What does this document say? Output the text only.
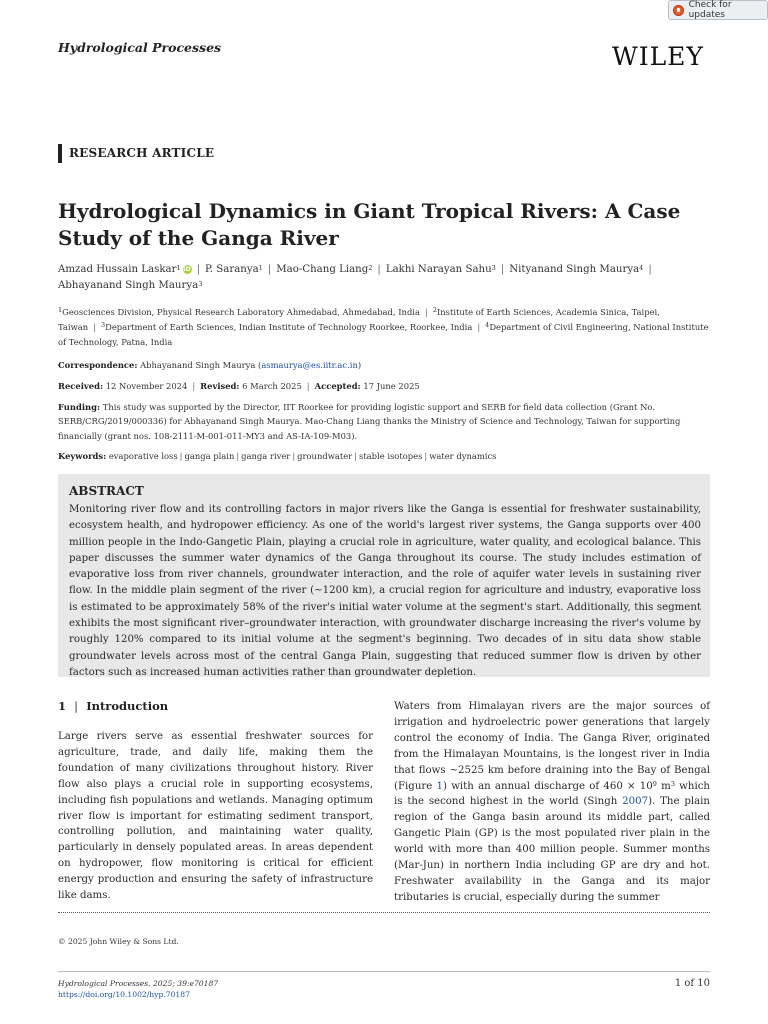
Check for updates
Hydrological Processes	WILEY
RESEARCH ARTICLE
Hydrological Dynamics in Giant Tropical Rivers: A Case Study of the Ganga River
Amzad Hussain Laskar$^1$ iD | P. Saranya$^1$ | Mao-Chang Liang$^2$ | Lakhi Narayan Sahu$^3$ | Nityanand Singh Maurya$^4$ |
Abhayanand Singh Maurya$^3$
$^1$Geosciences Division, Physical Research Laboratory Ahmedabad, Ahmedabad, India | $^2$Institute of Earth Sciences, Academia Sinica, Taipei, Taiwan | $^3$Department of Earth Sciences, Indian Institute of Technology Roorkee, Roorkee, India | $^4$Department of Civil Engineering, National Institute of Technology, Patna, India
Correspondence: Abhayanand Singh Maurya (asmaurya@es.iitr.ac.in)
Received: 12 November 2024 | Revised: 6 March 2025 | Accepted: 17 June 2025
Funding: This study was supported by the Director, IIT Roorkee for providing logistic support and SERB for field data collection (Grant No. SERB/CRG/2019/000336) for Abhayanand Singh Maurya. Mao-Chang Liang thanks the Ministry of Science and Technology, Taiwan for supporting financially (grant nos. 108-2111-M-001-011-MY3 and AS-IA-109-M03).
Keywords: evaporative loss | ganga plain | ganga river | groundwater | stable isotopes | water dynamics
ABSTRACT
Monitoring river flow and its controlling factors in major rivers like the Ganga is essential for freshwater sustainability, ecosystem health, and hydropower efficiency. As one of the world's largest river systems, the Ganga supports over 400 million people in the Indo-Gangetic Plain, playing a crucial role in agriculture, water quality, and ecological balance. This paper discusses the summer water dynamics of the Ganga throughout its course. The study includes estimation of evaporative loss from river channels, groundwater interaction, and the role of aquifer water levels in sustaining river flow. In the middle plain segment of the river (~1200 km), a crucial region for agriculture and industry, evaporative loss is estimated to be approximately 58% of the river's initial water volume at the segment's start. Additionally, this segment exhibits the most significant river–groundwater interaction, with groundwater discharge increasing the river's volume by roughly 120% compared to its initial volume at the segment's beginning. Two decades of in situ data show stable groundwater levels across most of the central Ganga Plain, suggesting that reduced summer flow is driven by other factors such as increased human activities rather than groundwater depletion.
1 | Introduction
Large rivers serve as essential freshwater sources for agriculture, trade, and daily life, making them the foundation of many civilizations throughout history. River flow also plays a crucial role in supporting ecosystems, including fish populations and wetlands. Managing optimum river flow is important for estimating sediment transport, controlling pollution, and maintaining water quality, particularly in densely populated areas. In areas dependent on hydropower, flow monitoring is critical for efficient energy production and ensuring the safety of infrastructure like dams.
Waters from Himalayan rivers are the major sources of irrigation and hydroelectric power generations that largely control the economy of India. The Ganga River, originated from the Himalayan Mountains, is the longest river in India that flows ~2525 km before draining into the Bay of Bengal (Figure 1) with an annual discharge of $460 \times 10^9$ $m^3$ which is the second highest in the world (Singh 2007). The plain region of the Ganga basin around its middle part, called Gangetic Plain (GP) is the most populated river plain in the world with more than 400 million people. Summer months (Mar-Jun) in northern India including GP are dry and hot. Freshwater availability in the Ganga and its major tributaries is crucial, especially during the summer
© 2025 John Wiley & Sons Ltd.
Hydrological Processes, 2025; 39:e70187
https://doi.org/10.1002/hyp.70187
1 of 10
